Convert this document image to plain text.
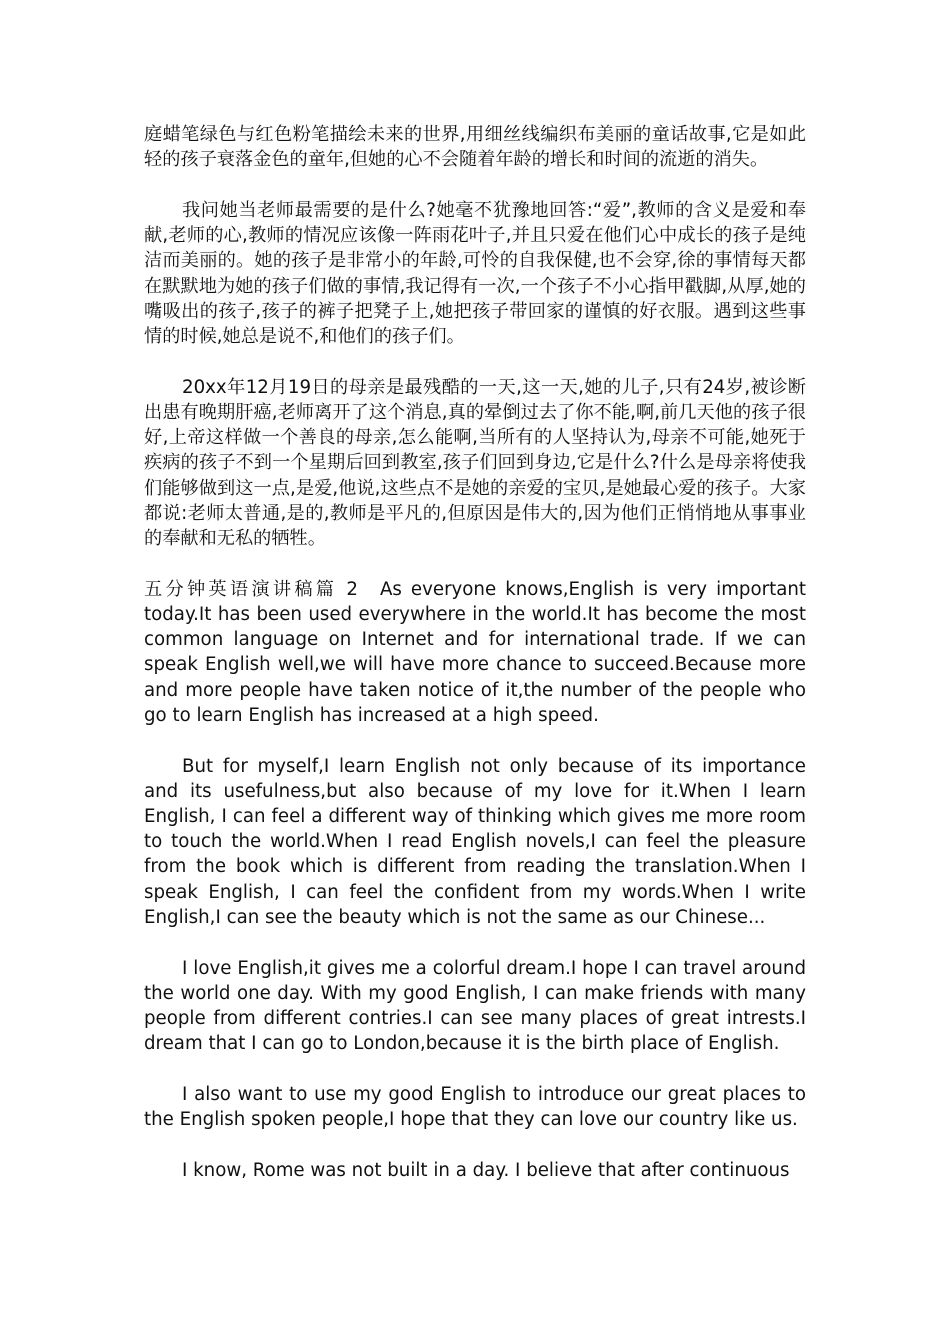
庭蜡笔绿色与红色粉笔描绘未来的世界,用细丝线编织布美丽的童话故事,它是如此轻的孩子衰落金色的童年,但她的心不会随着年龄的增长和时间的流逝的消失。

我问她当老师最需要的是什么?她毫不犹豫地回答:“爱”,教师的含义是爱和奉献,老师的心,教师的情况应该像一阵雨花叶子,并且只爱在他们心中成长的孩子是纯洁而美丽的。她的孩子是非常小的年龄,可怜的自我保健,也不会穿,徐的事情每天都在默默地为她的孩子们做的事情,我记得有一次,一个孩子不小心指甲戳脚,从厚,她的嘴吸出的孩子,孩子的裤子把凳子上,她把孩子带回家的谨慎的好衣服。遇到这些事情的时候,她总是说不,和他们的孩子们。

20xx年12月19日的母亲是最残酷的一天,这一天,她的儿子,只有24岁,被诊断出患有晚期肝癌,老师离开了这个消息,真的晕倒过去了你不能,啊,前几天他的孩子很好,上帝这样做一个善良的母亲,怎么能啊,当所有的人坚持认为,母亲不可能,她死于疾病的孩子不到一个星期后回到教室,孩子们回到身边,它是什么?什么是母亲将使我们能够做到这一点,是爱,他说,这些点不是她的亲爱的宝贝,是她最心爱的孩子。大家都说:老师太普通,是的,教师是平凡的,但原因是伟大的,因为他们正悄悄地从事事业的奉献和无私的牺牲。

五分钟英语演讲稿篇 2 As everyone knows,English is very important today.It has been used everywhere in the world.It has become the most common language on Internet and for international trade. If we can speak English well,we will have more chance to succeed.Because more and more people have taken notice of it,the number of the people who go to learn English has increased at a high speed.

But for myself,I learn English not only because of its importance and its usefulness,but also because of my love for it.When I learn English, I can feel a different way of thinking which gives me more room to touch the world.When I read English novels,I can feel the pleasure from the book which is different from reading the translation.When I speak English, I can feel the confident from my words.When I write English,I can see the beauty which is not the same as our Chinese...

I love English,it gives me a colorful dream.I hope I can travel around the world one day. With my good English, I can make friends with many people from different contries.I can see many places of great intrests.I dream that I can go to London,because it is the birth place of English.

I also want to use my good English to introduce our great places to the English spoken people,I hope that they can love our country like us.

I know, Rome was not built in a day. I believe that after continuous
